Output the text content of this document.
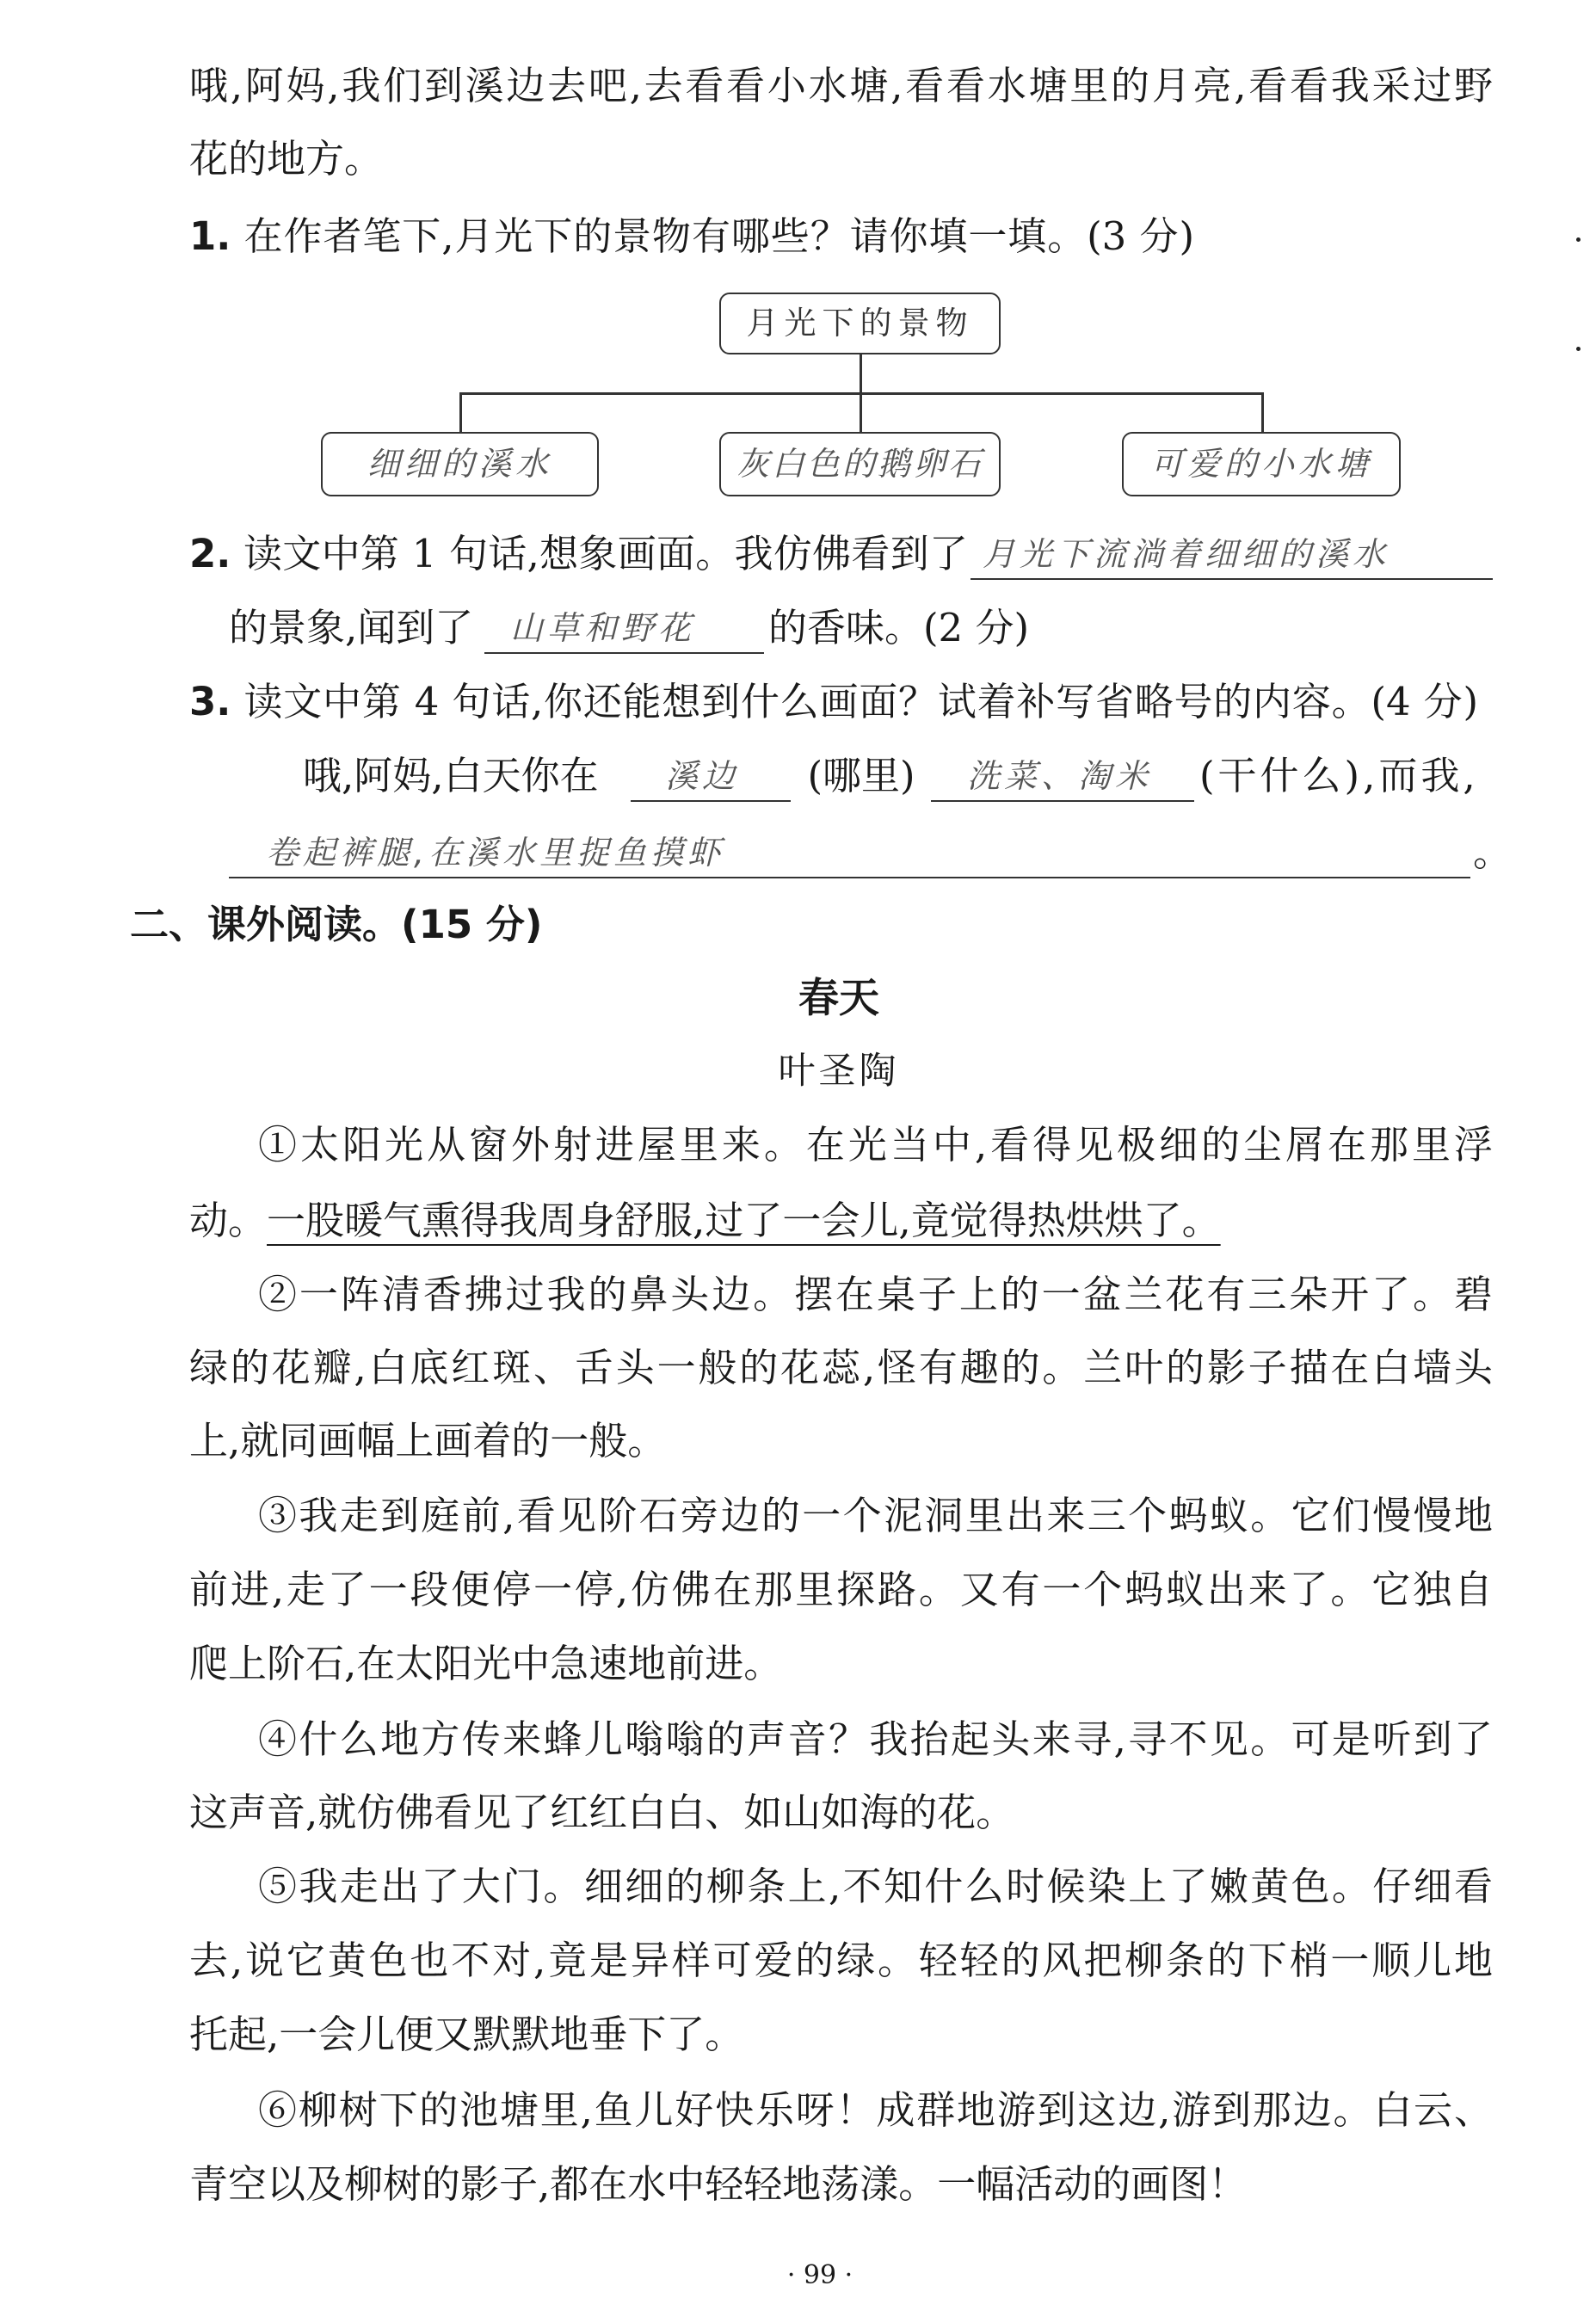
哦,阿妈,我们到溪边去吧,去看看小水塘,看看水塘里的月亮,看看我采过野
花的地方。
1. 在作者笔下,月光下的景物有哪些？请你填一填。(3 分)
月光下的景物
细细的溪水	灰白色的鹅卵石	可爱的小水塘
2. 读文中第 1 句话,想象画面。我仿佛看到了 月光下流淌着细细的溪水
的景象,闻到了	山草和野花	的香味。(2 分)
3. 读文中第 4 句话,你还能想到什么画面？试着补写省略号的内容。(4 分)
哦,阿妈,白天你在	溪边	(哪里)	洗菜、淘米	(干什么),而我,
卷起裤腿,在溪水里捉鱼摸虾	。
二、课外阅读。(15 分)
春天
叶圣陶
①太阳光从窗外射进屋里来。在光当中,看得见极细的尘屑在那里浮
动。一股暖气熏得我周身舒服,过了一会儿,竟觉得热烘烘了。
②一阵清香拂过我的鼻头边。摆在桌子上的一盆兰花有三朵开了。碧
绿的花瓣,白底红斑、舌头一般的花蕊,怪有趣的。兰叶的影子描在白墙头
上,就同画幅上画着的一般。
③我走到庭前,看见阶石旁边的一个泥洞里出来三个蚂蚁。它们慢慢地
前进,走了一段便停一停,仿佛在那里探路。又有一个蚂蚁出来了。它独自
爬上阶石,在太阳光中急速地前进。
④什么地方传来蜂儿嗡嗡的声音？我抬起头来寻,寻不见。可是听到了
这声音,就仿佛看见了红红白白、如山如海的花。
⑤我走出了大门。细细的柳条上,不知什么时候染上了嫩黄色。仔细看
去,说它黄色也不对,竟是异样可爱的绿。轻轻的风把柳条的下梢一顺儿地
托起,一会儿便又默默地垂下了。
⑥柳树下的池塘里,鱼儿好快乐呀！成群地游到这边,游到那边。白云、
青空以及柳树的影子,都在水中轻轻地荡漾。一幅活动的画图！
· 99 ·
